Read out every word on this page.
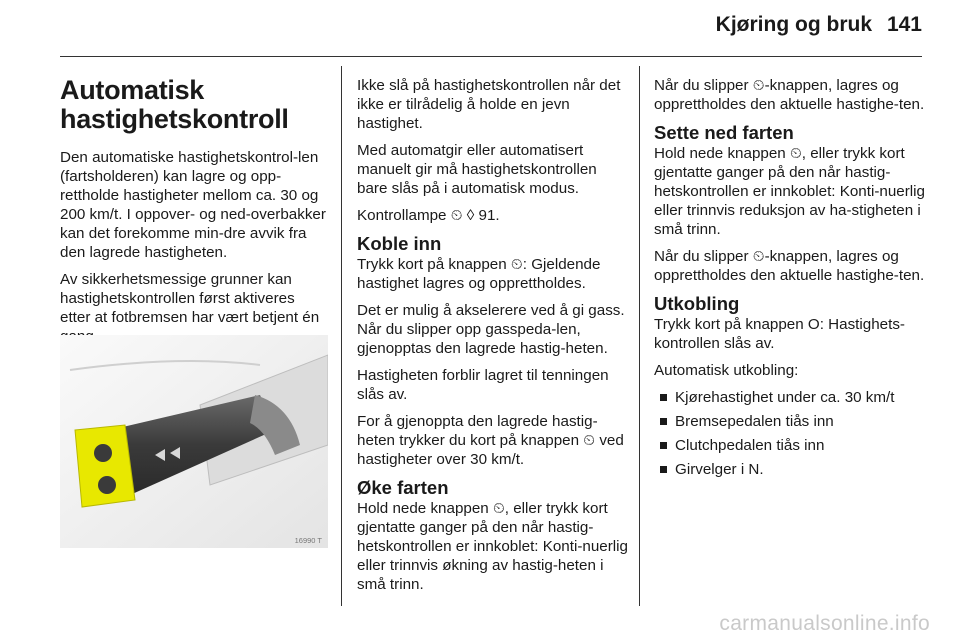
Kjøring og bruk 141
Automatisk
hastighetskontroll

Den automatiske hastighetskontrol-len (fartsholderen) kan lagre og opp-rettholde hastigheter mellom ca. 30 og 200 km/t. I oppover- og ned-overbakker kan det forekomme min-dre avvik fra den lagrede hastigheten.

Av sikkerhetsmessige grunner kan hastighetskontrollen først aktiveres etter at fotbremsen har vært betjent én

16990 T

Ikke slå på hastighetskontrollen når det ikke er tilrådelig å holde en jevn hastighet.

Med automatgir eller automatisert manuelt gir må hastighetskontrollen bare slås på i automatisk modus.

Kontrollampe ⏲ ◊ 91.

Koble inn

Trykk kort på knappen ⏲: Gjeldende hastighet lagres og opprettholdes.

Det er mulig å akselerere ved å gi gass. Når du slipper opp gasspeda-len, gjenopptas den lagrede hastig-heten.

Hastigheten forblir lagret til tenningen slås av.

For å gjenoppta den lagrede hastig-heten trykker du kort på knappen ⏲ ved hastigheter over 30 km/t.

Øke farten

Hold nede knappen ⏲, eller trykk kort gjentatte ganger på den når hastig-hetskontrollen er innkoblet: Konti-nuerlig eller trinnvis økning av hastig-heten i små trinn.

Når du slipper ⏲-knappen, lagres og opprettholdes den aktuelle hastighe-ten.

Sette ned farten

Hold nede knappen ⏲, eller trykk kort gjentatte ganger på den når hastig-hetskontrollen er innkoblet: Konti-nuerlig eller trinnvis reduksjon av ha-stigheten i små trinn.

Når du slipper ⏲-knappen, lagres og opprettholdes den aktuelle hastighe-ten.

Utkobling

Trykk kort på knappen O: Hastighets-kontrollen slås av.

Automatisk utkobling:

Kjørehastighet under ca. 30 km/t
Bremsepedalen tiås inn
Clutchpedalen tiås inn
Girvelger i N.
carmanualsonline.info
